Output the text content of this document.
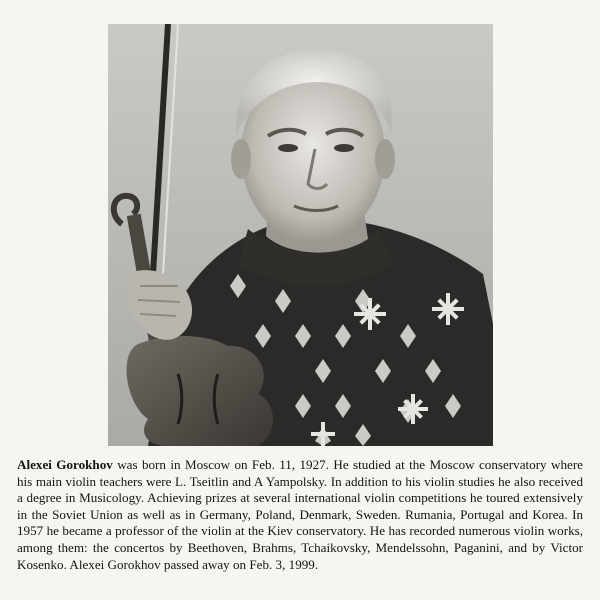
Alexei Gorokhov was born in Moscow on Feb. 11, 1927. He studied at the Moscow conservatory where his main violin teachers were L. Tseitlin and A Yampolsky. In addition to his violin studies he also received a degree in Musicology. Achieving prizes at several international violin competitions he toured extensively in the Soviet Union as well as in Germany, Poland, Denmark, Sweden. Rumania, Portugal and Korea. In 1957 he became a professor of the violin at the Kiev conservatory. He has recorded numerous violin works, among them: the concertos by Beethoven, Brahms, Tchaikovsky, Mendelssohn, Paganini, and by Victor Kosenko. Alexei Gorokhov passed away on Feb. 3, 1999.
